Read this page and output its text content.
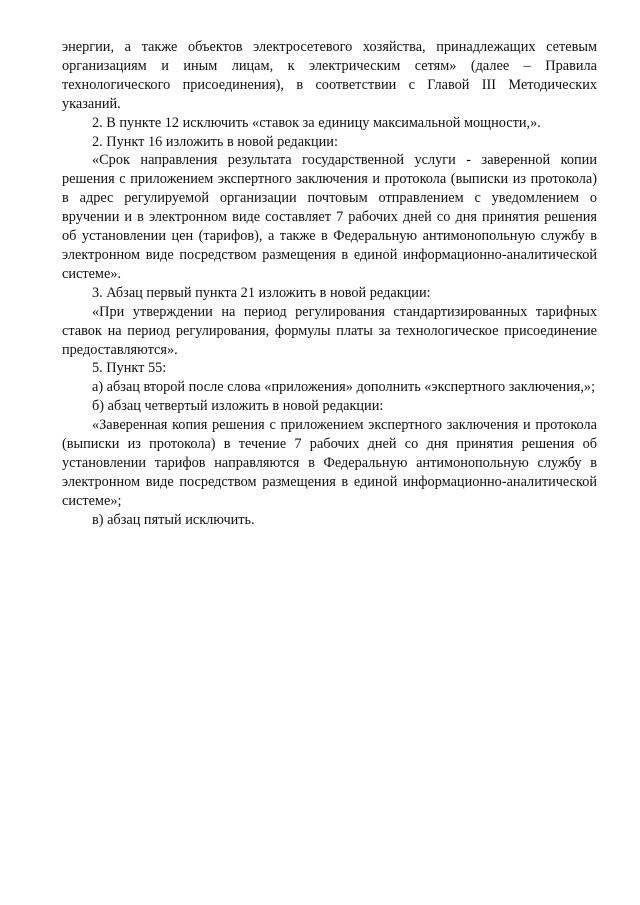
энергии, а также объектов электросетевого хозяйства, принадлежащих сетевым организациям и иным лицам, к электрическим сетям» (далее – Правила технологического присоединения), в соответствии с Главой III Методических указаний.

2. В пункте 12 исключить «ставок за единицу максимальной мощности,».

2. Пункт 16 изложить в новой редакции:

«Срок направления результата государственной услуги - заверенной копии решения с приложением экспертного заключения и протокола (выписки из протокола) в адрес регулируемой организации почтовым отправлением с уведомлением о вручении и в электронном виде составляет 7 рабочих дней со дня принятия решения об установлении цен (тарифов), а также в Федеральную антимонопольную службу в электронном виде посредством размещения в единой информационно-аналитической системе».

3. Абзац первый пункта 21 изложить в новой редакции:

«При утверждении на период регулирования стандартизированных тарифных ставок на период регулирования, формулы платы за технологическое присоединение предоставляются».

5. Пункт 55:

а) абзац второй после слова «приложения» дополнить «экспертного заключения,»;

б) абзац четвертый изложить в новой редакции:

«Заверенная копия решения с приложением экспертного заключения и протокола (выписки из протокола) в течение 7 рабочих дней со дня принятия решения об установлении тарифов направляются в Федеральную антимонопольную службу в электронном виде посредством размещения в единой информационно-аналитической системе»;

в) абзац пятый исключить.
